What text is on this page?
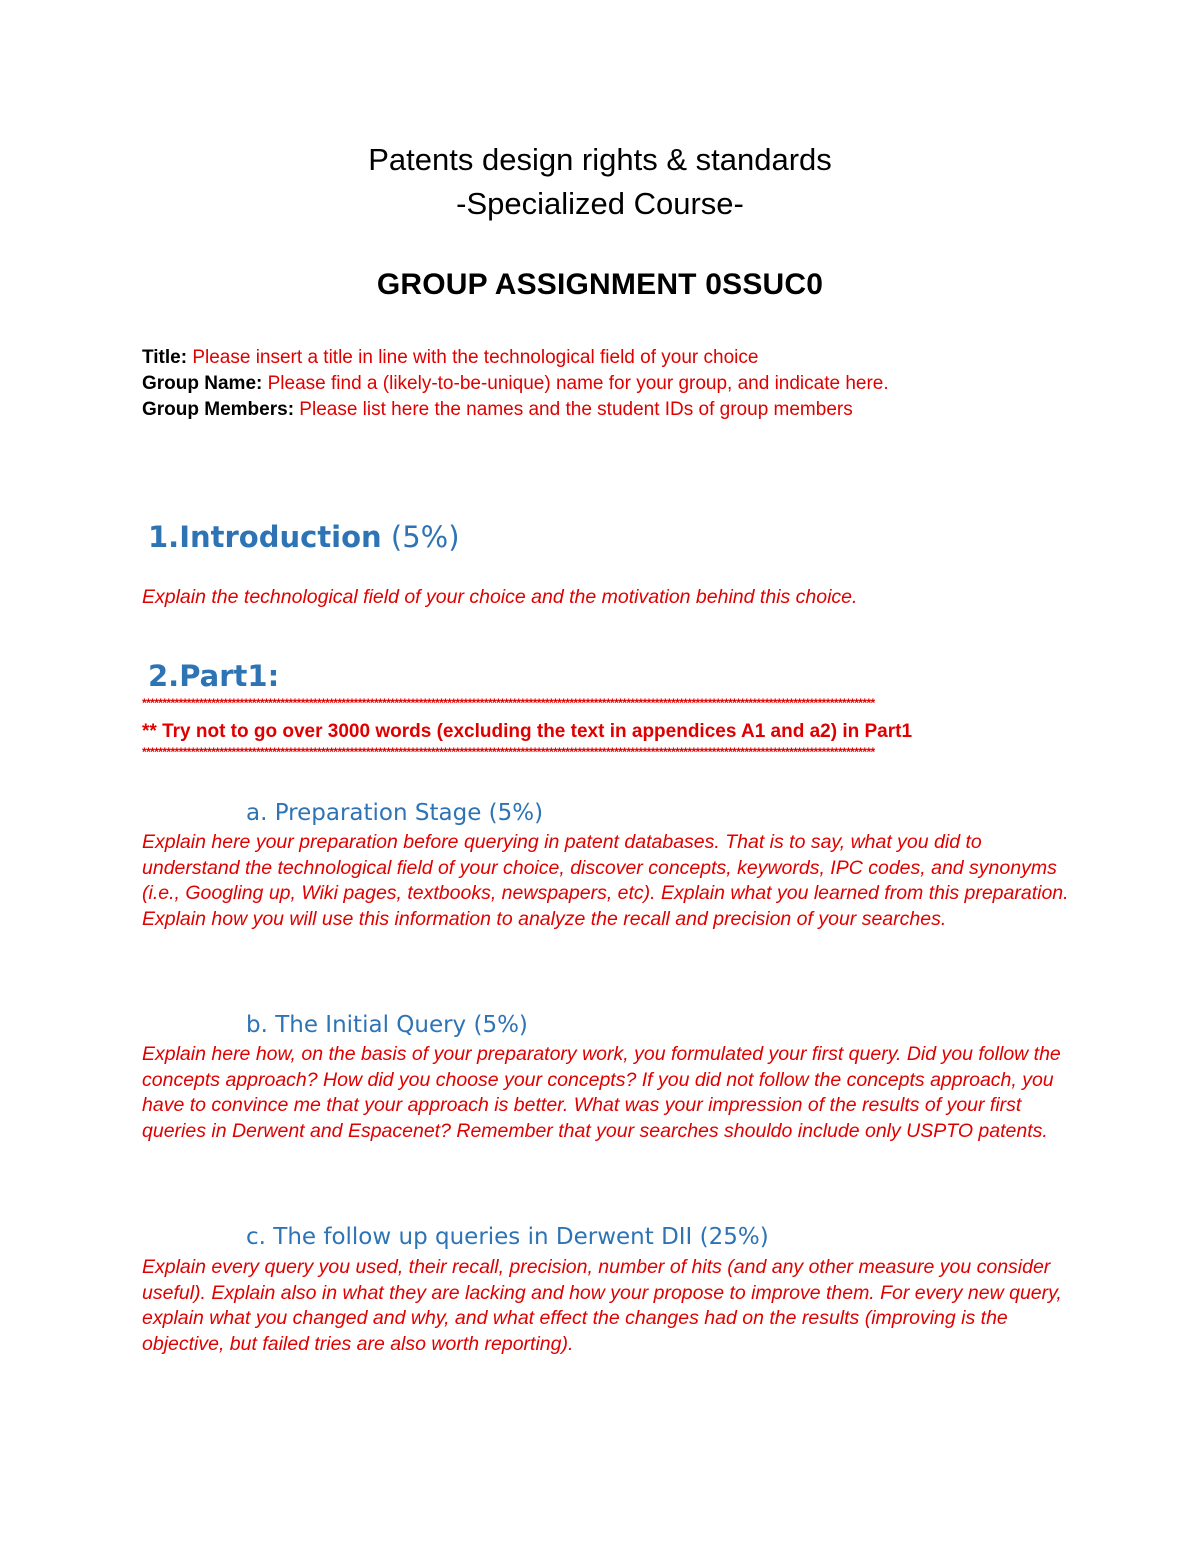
Patents design rights & standards
-Specialized Course-
GROUP ASSIGNMENT 0SSUC0
Title: Please insert a title in line with the technological field of your choice
Group Name: Please find a (likely-to-be-unique) name for your group, and indicate here.
Group Members: Please list here the names and the student IDs of group members
1.Introduction (5%)
Explain the technological field of your choice and the motivation behind this choice.
2.Part1:
************************************************************************************************************************************************************************************
** Try not to go over 3000 words (excluding the text in appendices A1 and a2) in Part1
************************************************************************************************************************************************************************************
a. Preparation Stage (5%)
Explain here your preparation before querying in patent databases. That is to say, what you did to understand the technological field of your choice, discover concepts, keywords, IPC codes, and synonyms (i.e., Googling up, Wiki pages, textbooks, newspapers, etc). Explain what you learned from this preparation. Explain how you will use this information to analyze the recall and precision of your searches.
b. The Initial Query (5%)
Explain here how, on the basis of your preparatory work, you formulated your first query. Did you follow the concepts approach? How did you choose your concepts? If you did not follow the concepts approach, you have to convince me that your approach is better. What was your impression of the results of your first queries in Derwent and Espacenet? Remember that your searches shouldo include only USPTO patents.
c. The follow up queries in Derwent DII (25%)
Explain every query you used, their recall, precision, number of hits (and any other measure you consider useful). Explain also in what they are lacking and how your propose to improve them. For every new query, explain what you changed and why, and what effect the changes had on the results (improving is the objective, but failed tries are also worth reporting).
